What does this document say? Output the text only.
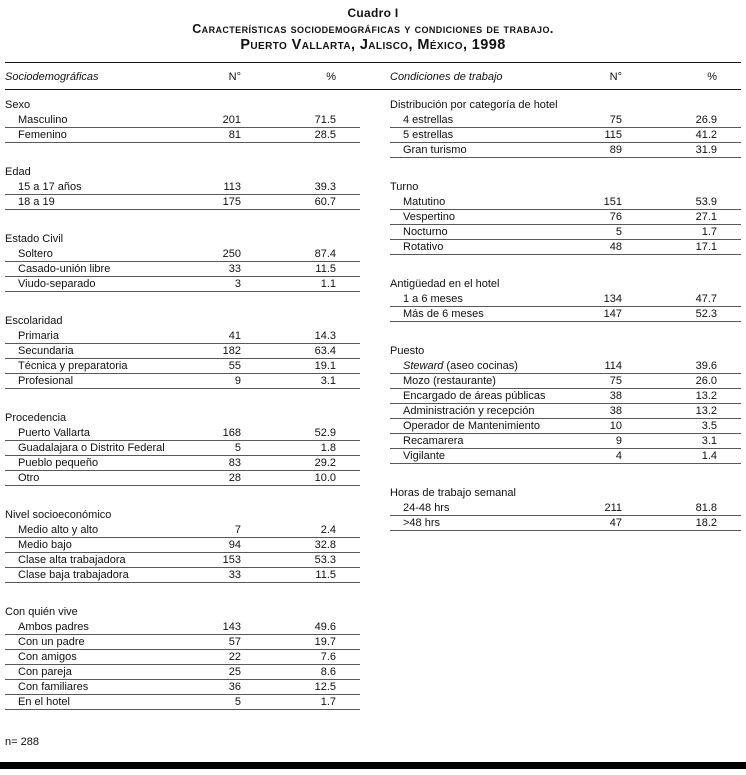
Cuadro I
Características sociodemográficas y condiciones de trabajo.
Puerto Vallarta, Jalisco, México, 1998
Sociodemográficas	N°	%	Condiciones de trabajo	N°	%
Sexo
Masculino	201	71.5
Femenino	81	28.5
Edad
15 a 17 años	113	39.3
18 a 19	175	60.7
Estado Civil
Soltero	250	87.4
Casado-unión libre	33	11.5
Viudo-separado	3	1.1
Escolaridad
Primaria	41	14.3
Secundaria	182	63.4
Técnica y preparatoria	55	19.1
Profesional	9	3.1
Procedencia
Puerto Vallarta	168	52.9
Guadalajara o Distrito Federal	5	1.8
Pueblo pequeño	83	29.2
Otro	28	10.0
Nivel socioeconómico
Medio alto y alto	7	2.4
Medio bajo	94	32.8
Clase alta trabajadora	153	53.3
Clase baja trabajadora	33	11.5
Con quién vive
Ambos padres	143	49.6
Con un padre	57	19.7
Con amigos	22	7.6
Con pareja	25	8.6
Con familiares	36	12.5
En el hotel	5	1.7
Distribución por categoría de hotel
4 estrellas	75	26.9
5 estrellas	115	41.2
Gran turismo	89	31.9
Turno
Matutino	151	53.9
Vespertino	76	27.1
Nocturno	5	1.7
Rotativo	48	17.1
Antigüedad en el hotel
1 a 6 meses	134	47.7
Más de 6 meses	147	52.3
Puesto
Steward (aseo cocinas)	114	39.6
Mozo (restaurante)	75	26.0
Encargado de áreas públicas	38	13.2
Administración y recepción	38	13.2
Operador de Mantenimiento	10	3.5
Recamarera	9	3.1
Vigilante	4	1.4
Horas de trabajo semanal
24-48 hrs	211	81.8
>48 hrs	47	18.2
n= 288
